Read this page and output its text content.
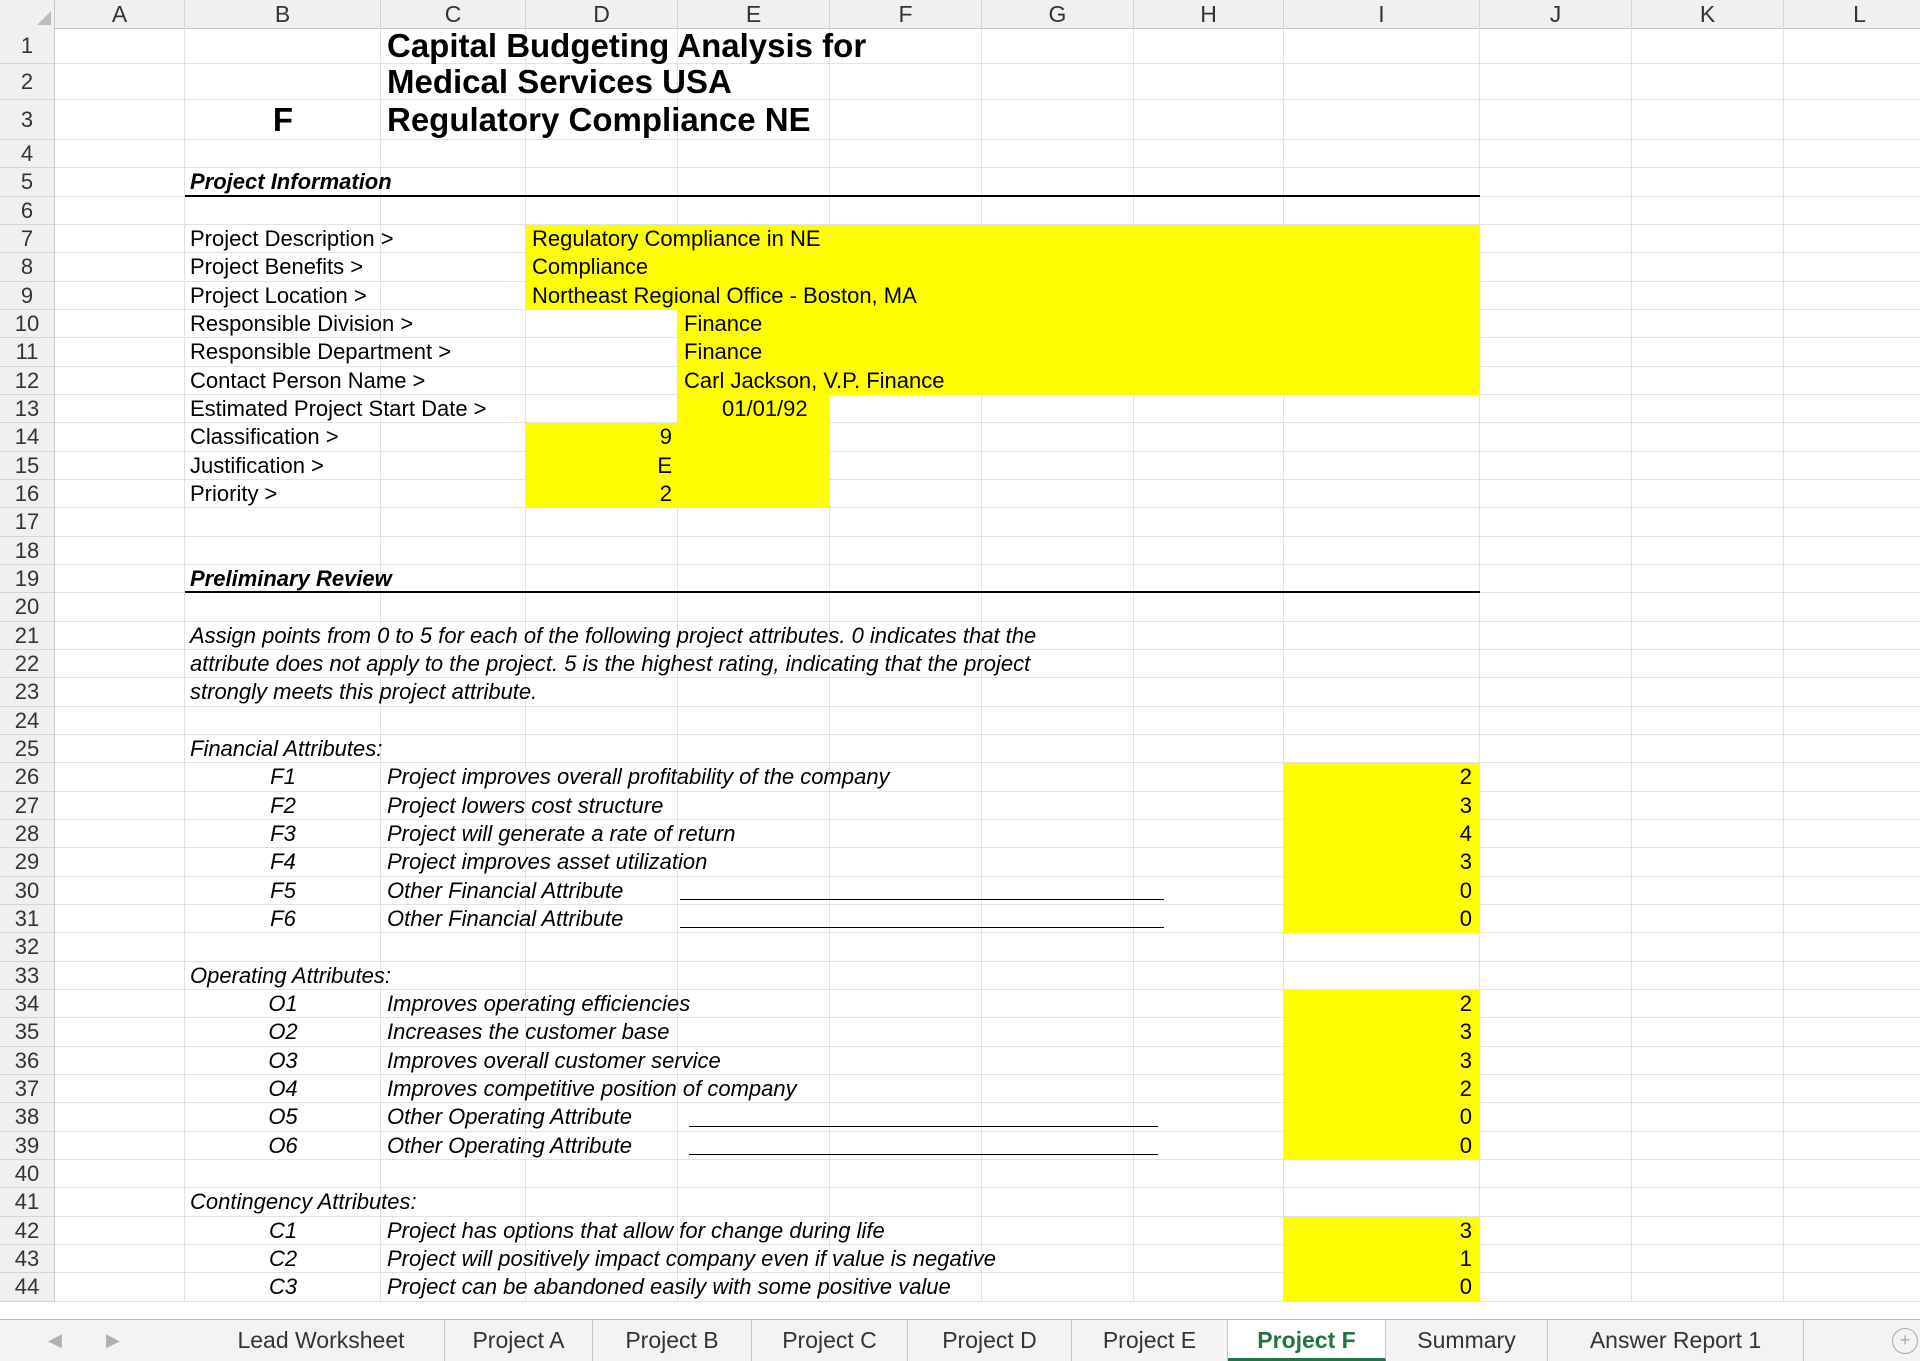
A	B	C	D	E	F	G	H	I	J	K	L
1	Capital Budgeting Analysis for
2	Medical Services USA
3	Regulatory Compliance NE
F
4
5	Project Information
6
7	Project Description >	Regulatory Compliance in NE
8	Project Benefits >	Compliance
9	Project Location >	Northeast Regional Office - Boston, MA
10	Responsible Division >	Finance
11	Responsible Department >	Finance
12	Contact Person Name >	Carl Jackson, V.P. Finance
13	Estimated Project Start Date >	01/01/92
14	Classification >	9
15	Justification >	E
16	Priority >	2
17
18
19	Preliminary Review
20
21	Assign points from 0 to 5 for each of the following project attributes. 0 indicates that the
22	attribute does not apply to the project. 5 is the highest rating, indicating that the project
23	strongly meets this project attribute.
24
25	Financial Attributes:
26	F1	Project improves overall profitability of the company	2
27	F2	Project lowers cost structure	3
28	F3	Project will generate a rate of return	4
29	F4	Project improves asset utilization	3
30	F5	Other Financial Attribute	0
31	F6	Other Financial Attribute	0
32
33	Operating Attributes:
34	O1	Improves operating efficiencies	2
35	O2	Increases the customer base	3
36	O3	Improves overall customer service	3
37	O4	Improves competitive position of company	2
38	O5	Other Operating Attribute	0
39	O6	Other Operating Attribute	0
40
41	Contingency Attributes:
42	C1	Project has options that allow for change during life	3
43	C2	Project will positively impact company even if value is negative	1
44	C3	Project can be abandoned easily with some positive value	0
◀ ▶	Lead Worksheet	Project A	Project B	Project C	Project D	Project E	Project F	Summary	Answer Report 1	+
